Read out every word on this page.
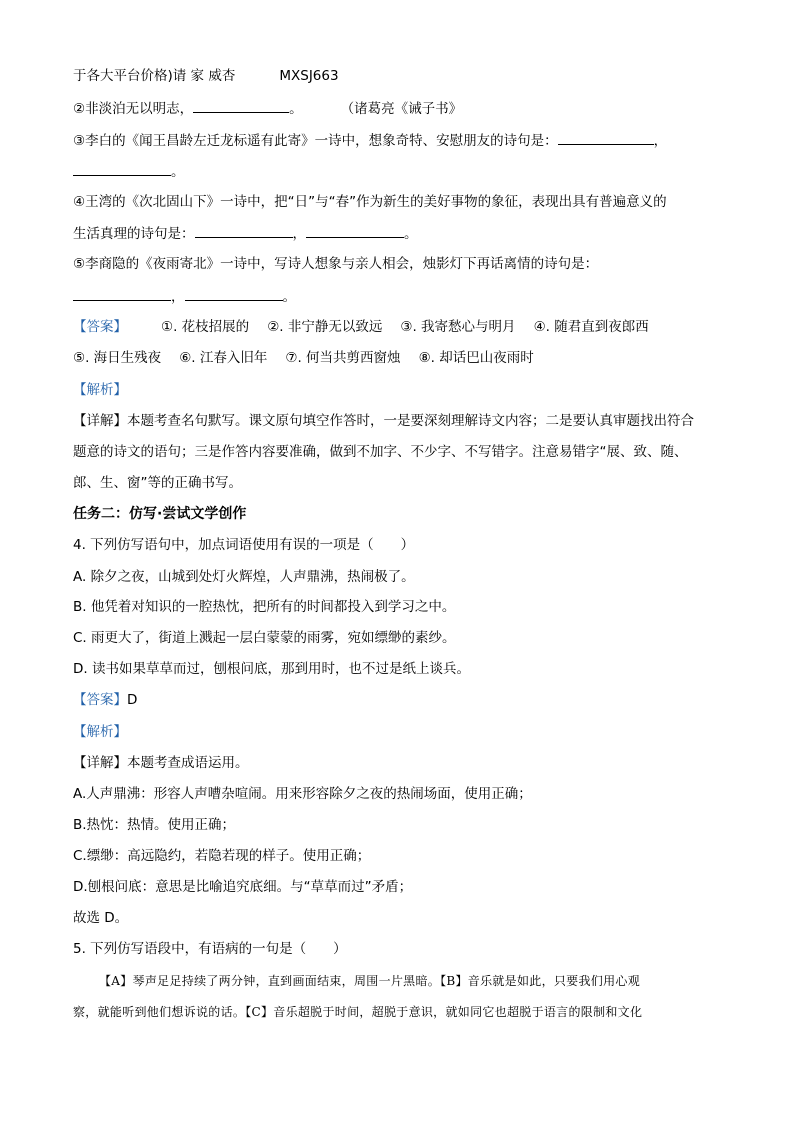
于各大平台价格)请 家 威杏	MXSJ663
②非淡泊无以明志，	。	（诸葛亮《诫子书》
③李白的《闻王昌龄左迁龙标遥有此寄》一诗中，想象奇特、安慰朋友的诗句是：	，
。
④王湾的《次北固山下》一诗中，把“日”与“春”作为新生的美好事物的象征，表现出具有普遍意义的
生活真理的诗句是：	，	。
⑤李商隐的《夜雨寄北》一诗中，写诗人想象与亲人相会，烛影灯下再话离情的诗句是：
，	。
【答案】	①. 花枝招展的 ②. 非宁静无以致远 ③. 我寄愁心与明月 ④. 随君直到夜郎西
⑤. 海日生残夜 ⑥. 江春入旧年 ⑦. 何当共剪西窗烛 ⑧. 却话巴山夜雨时
【解析】
【详解】本题考查名句默写。课文原句填空作答时，一是要深刻理解诗文内容；二是要认真审题找出符合
题意的诗文的语句；三是作答内容要准确，做到不加字、不少字、不写错字。注意易错字“展、致、随、
郎、生、窗”等的正确书写。
任务二：仿写·尝试文学创作
4. 下列仿写语句中，加点词语使用有误的一项是（　　）
A. 除夕之夜，山城到处灯火辉煌，人声鼎沸，热闹极了。
B. 他凭着对知识的一腔热忱，把所有的时间都投入到学习之中。
C. 雨更大了，街道上溅起一层白蒙蒙的雨雾，宛如缥缈的素纱。
D. 读书如果草草而过，刨根问底，那到用时，也不过是纸上谈兵。
【答案】D
【解析】
【详解】本题考查成语运用。
A.人声鼎沸：形容人声嘈杂喧闹。用来形容除夕之夜的热闹场面，使用正确；
B.热忱：热情。使用正确；
C.缥缈：高远隐约，若隐若现的样子。使用正确；
D.刨根问底：意思是比喻追究底细。与“草草而过”矛盾；
故选 D。
5. 下列仿写语段中，有语病的一句是（　　）
【A】琴声足足持续了两分钟，直到画面结束，周围一片黑暗。【B】音乐就是如此，只要我们用心观
察，就能听到他们想诉说的话。【C】音乐超脱于时间，超脱于意识，就如同它也超脱于语言的限制和文化
